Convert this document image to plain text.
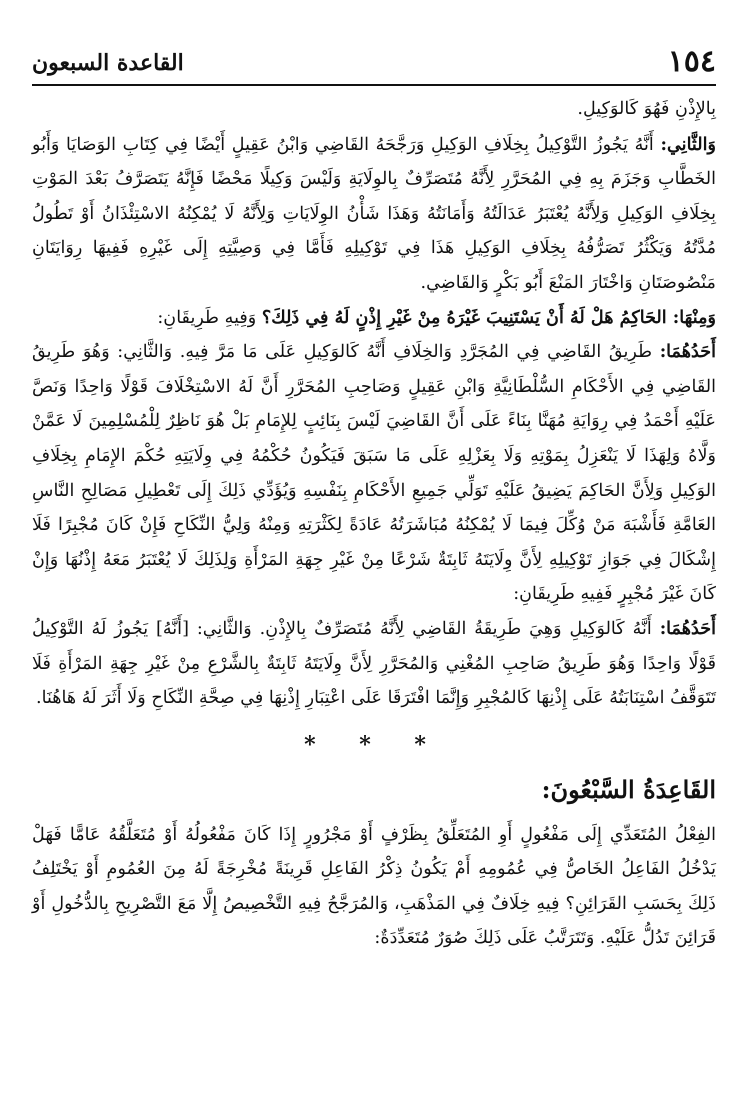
١٥٤
القاعدة السبعون

بِالإِذْنِ فَهُوَ كَالوَكِيلِ.

وَالثَّانِي: أَنَّهُ يَجُوزُ التَّوْكِيلُ بِخِلَافِ الوَكِيلِ وَرَجَّحَهُ القَاضِي وَابْنُ عَقِيلٍ أَيْضًا فِي كِتَابِ الوَصَايَا وَأَبُو الخَطَّابِ وَجَزَمَ بِهِ فِي المُحَرَّرِ لِأَنَّهُ مُتَصَرِّفٌ بِالوِلَايَةِ وَلَيْسَ وَكِيلًا مَحْضًا فَإِنَّهُ يَتَصَرَّفُ بَعْدَ المَوْتِ بِخِلَافِ الوَكِيلِ وَلِأَنَّهُ يُعْتَبَرُ عَدَالَتُهُ وَأَمَانَتُهُ وَهَذَا شَأْنُ الوِلَايَاتِ وَلِأَنَّهُ لَا يُمْكِنُهُ الاسْتِئْذَانُ أَوْ تَطُولُ مُدَّتُهُ وَيَكْثُرُ تَصَرُّفُهُ بِخِلَافِ الوَكِيلِ هَذَا فِي تَوْكِيلِهِ فَأَمَّا فِي وَصِيَّتِهِ إِلَى غَيْرِهِ فَفِيهَا رِوَايَتَانِ مَنْصُوصَتَانِ وَاخْتَارَ المَنْعَ أَبُو بَكْرٍ وَالقَاضِي.

وَمِنْهَا: الحَاكِمُ هَلْ لَهُ أَنْ يَسْتَنِيبَ غَيْرَهُ مِنْ غَيْرِ إِذْنٍ لَهُ فِي ذَلِكَ؟ وَفِيهِ طَرِيقَانِ:

أَحَدُهُمَا: طَرِيقُ القَاضِي فِي المُجَرَّدِ وَالخِلَافِ أَنَّهُ كَالوَكِيلِ عَلَى مَا مَرَّ فِيهِ. وَالثَّانِي: وَهُوَ طَرِيقُ القَاضِي فِي الأَحْكَامِ السُّلْطَانِيَّةِ وَابْنِ عَقِيلٍ وَصَاحِبِ المُحَرَّرِ أَنَّ لَهُ الاسْتِخْلَافَ قَوْلًا وَاحِدًا وَنَصَّ عَلَيْهِ أَحْمَدُ فِي رِوَايَةِ مُهَنَّا بِنَاءً عَلَى أَنَّ القَاضِيَ لَيْسَ بِنَائِبٍ لِلإِمَامِ بَلْ هُوَ نَاظِرٌ لِلْمُسْلِمِينَ لَا عَمَّنْ وَلَّاهُ وَلِهَذَا لَا يَنْعَزِلُ بِمَوْتِهِ وَلَا بِعَزْلِهِ عَلَى مَا سَبَقَ فَيَكُونُ حُكْمُهُ فِي وِلَايَتِهِ حُكْمَ الإِمَامِ بِخِلَافِ الوَكِيلِ وَلِأَنَّ الحَاكِمَ يَضِيقُ عَلَيْهِ تَوَلِّي جَمِيعِ الأَحْكَامِ بِنَفْسِهِ وَيُؤَدِّي ذَلِكَ إِلَى تَعْطِيلِ مَصَالِحِ النَّاسِ العَامَّةِ فَأَشْبَهَ مَنْ وُكِّلَ فِيمَا لَا يُمْكِنُهُ مُبَاشَرَتُهُ عَادَةً لِكَثْرَتِهِ وَمِنْهُ وَلِيُّ النِّكَاحِ فَإِنْ كَانَ مُجْبِرًا فَلَا إِشْكَالَ فِي جَوَازِ تَوْكِيلِهِ لِأَنَّ وِلَايَتَهُ ثَابِتَةٌ شَرْعًا مِنْ غَيْرِ جِهَةِ المَرْأَةِ وَلِذَلِكَ لَا يُعْتَبَرُ مَعَهُ إِذْنُهَا وَإِنْ كَانَ غَيْرَ مُجْبِرٍ فَفِيهِ طَرِيقَانِ:

أَحَدُهُمَا: أَنَّهُ كَالوَكِيلِ وَهِيَ طَرِيقَةُ القَاضِي لِأَنَّهُ مُتَصَرِّفٌ بِالإِذْنِ. وَالثَّانِي: [أَنَّهُ] يَجُوزُ لَهُ التَّوْكِيلُ قَوْلًا وَاحِدًا وَهُوَ طَرِيقُ صَاحِبِ المُغْنِي وَالمُحَرَّرِ لِأَنَّ وِلَايَتَهُ ثَابِتَةٌ بِالشَّرْعِ مِنْ غَيْرِ جِهَةِ المَرْأَةِ فَلَا تَتَوَقَّفُ اسْتِنَابَتُهُ عَلَى إِذْنِهَا كَالمُجْبِرِ وَإِنَّمَا افْتَرَقَا عَلَى اعْتِبَارِ إِذْنِهَا فِي صِحَّةِ النِّكَاحِ وَلَا أَثَرَ لَهُ هَاهُنَا.

* * *
القَاعِدَةُ السَّبْعُونَ:

الفِعْلُ المُتَعَدِّي إِلَى مَفْعُولٍ أَوِ المُتَعَلِّقُ بِظَرْفٍ أَوْ مَجْرُورٍ إِذَا كَانَ مَفْعُولُهُ أَوْ مُتَعَلَّقُهُ عَامًّا فَهَلْ يَدْخُلُ الفَاعِلُ الخَاصُّ فِي عُمُومِهِ أَمْ يَكُونُ ذِكْرُ الفَاعِلِ قَرِينَةً مُخْرِجَةً لَهُ مِنَ العُمُومِ أَوْ يَخْتَلِفُ ذَلِكَ بِحَسَبِ القَرَائِنِ؟ فِيهِ خِلَافٌ فِي المَذْهَبِ، وَالمُرَجَّحُ فِيهِ التَّخْصِيصُ إِلَّا مَعَ التَّصْرِيحِ بِالدُّخُولِ أَوْ قَرَائِنَ تَدُلُّ عَلَيْهِ. وَتَتَرَتَّبُ عَلَى ذَلِكَ صُوَرٌ مُتَعَدِّدَةٌ:
